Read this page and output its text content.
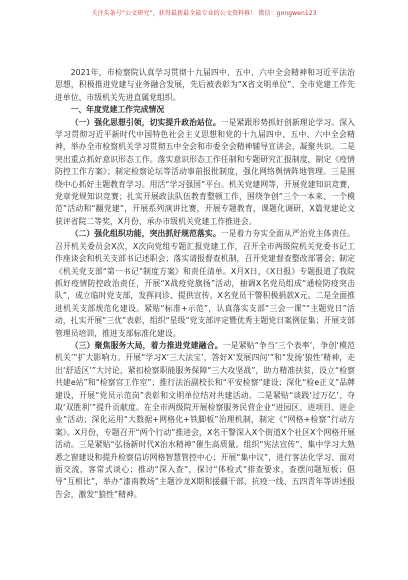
关注头条号“公文研究”，获得最新最全最专业的公文资料推！ 微信：gongwen123

2021年，市检察院认真学习贯彻十九届四中、五中、六中全会精神和习近平法治思想，积极推进党建与业务融合发展，先后被表彰为“X省文明单位”、全市党建工作先进单位、市级机关先进直属党组织。

一、年度党建工作完成情况

（一）强化思想引领，切实提升政治站位。一是紧跟形势抓好创新理论学习。深入学习贯彻习近平新时代中国特色社会主义思想和党的十九届四中、五中、六中全会精神，举办全市检察机关学习贯彻五中全会和市委全会精神辅导宣讲会，凝聚共识。二是突出重点抓好意识形态工作。落实意识形态工作任制和专题研究汇报制度，制定《疫情防控工作方案》；制定检察论坛等活动事前报批制度，强化网络舆情阵地管理。三是围绕中心抓好主题教育学习。用活“学习强国”平台。机关党建网等，开展党建知识竞赛，党章党规知识竞赛；扎实开展政法队伍教育整顿工作，围绕争创“三个一本来、一个模范”活动和“翻党建”，开展系列演讲比赛，开展专题教育，课题化调研，X篇党建论文获评省院二等奖，X月份，承办市级机关党建工作推进会。

（二）强化组织功能，突出抓好规范落实。一是着力夯实全面从严治党主体责任。召开机关委员会X次，X次向党组专题汇报党建工作，召开全市两级院机关党委书记工作座谈会和机关支部书记述职会；落实请报督查机制，召开党建督查整改部署会；制定《机关党支部“第一书记”制度方案》和责任清单。X月X日，《X日报》专题报道了我院抓好疫情防控政治责任，开展“X战疫党旗扬”活动，抽调X名党员组成“通检防疫突击队”，成立临时党支部，发挥问诊、提供宣传。X名党员干警积极捐款X元。二是全面推进机关支部规范化建设。紧贴“标准+示范”，认真落实支部“三会一课”“主题党日”活动，扎实开展“三优”表彰，组织“星级”党支部评定暨优秀主题党日案例征集；开展支部管理员培训，推进支部标准化建设。

（三）聚焦服务大局，着力推进党建融合。一是紧贴“争当‘三个表率’，争创‘模范机关’”扩大影响力。开展“学习X‘三大法宝’，答好X‘发展四问’”和“发扬‘狼性’精神，走出‘舒适区’”大讨论，紧扣检察职能服务保障“三大攻坚战”，助力精准扶贫，设立“检察共建e站”和“检察官工作室”；推行法治副校长和“平安检察”建设；深化“检e正义”品牌建设，开展“党员示范岗”表彰和文明单位结对共建活动。二是紧贴“谈践‘过万亿’、夺取‘双胜利’”提升贡献度。在全市两级院开展检察服务民营企业“进园区、进项目、进企业”活动；深化运用“大数据+网格化+铁脚板”治理机制，制定《“网格+检察”行动方案》。X月份，专题召开“两个行动”推进会，X名干警深入X个街道X个社区X个网格开展活动。三是紧贴“弘扬新时代X治水精神”催生高质量。组织“宪法宣传”、集中学习大熟悉之窗建设和提升检察信访网格智慧管控中心；开展“集中议”，进行客法化学习、面对面交流，客常式谈心；推动“深入查”，探讨“体检式”排查要求，查摆问题短板；倡导“互相比”，举办“漆南教场”主题沙龙X期和援疆干部、抗疫一线、五四青年等讲述报告会，激发“狼性”精神。
